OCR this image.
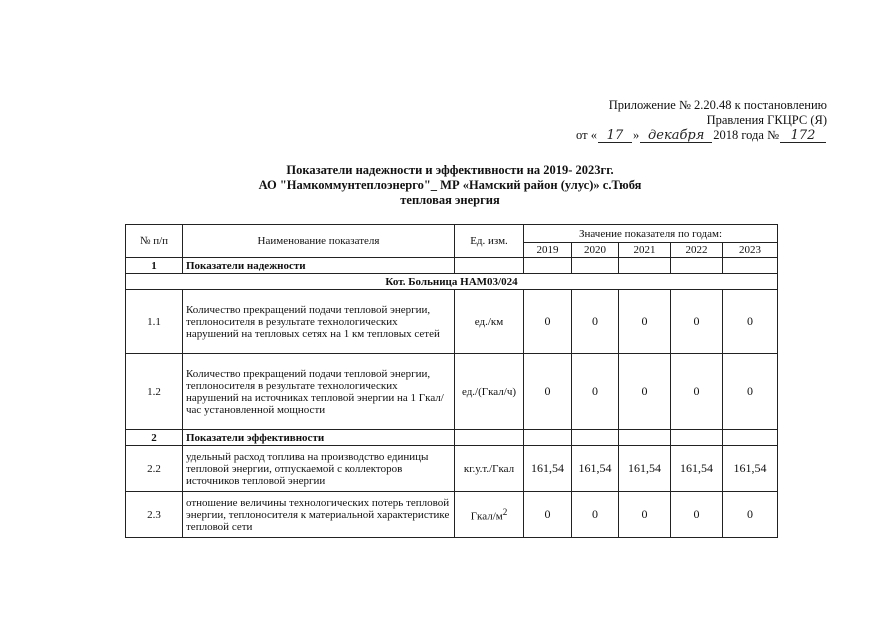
Приложение № 2.20.48 к постановлению
Правления ГКЦРС (Я)
от « 17 » декабря 2018 года № 172
Показатели надежности и эффективности на 2019- 2023гг.
АО "Намкоммунтеплоэнерго"_ МР «Намский район (улус)» с.Тюбя
тепловая энергия
№ п/п	Наименование показателя	Ед. изм.	Значение показателя по годам:				
			2019	2020	2021	2022	2023
1	Показатели надежности						
Кот. Больница НАМ03/024							
1.1	Количество прекращений подачи тепловой энергии, теплоносителя в результате технологических нарушений на тепловых сетях на 1 км тепловых сетей	ед./км	0	0	0	0	0
1.2	Количество прекращений подачи тепловой энергии, теплоносителя в результате технологических нарушений на источниках тепловой энергии на 1 Гкал/час установленной мощности	ед./(Гкал/ч)	0	0	0	0	0
2	Показатели эффективности						
2.2	удельный расход топлива на производство единицы тепловой энергии, отпускаемой с коллекторов источников тепловой энергии	кг.у.т./Гкал	161,54	161,54	161,54	161,54	161,54
2.3	отношение величины технологических потерь тепловой энергии, теплоносителя к материальной характеристике тепловой сети	Гкал/$м^2$	0	0	0	0	0
